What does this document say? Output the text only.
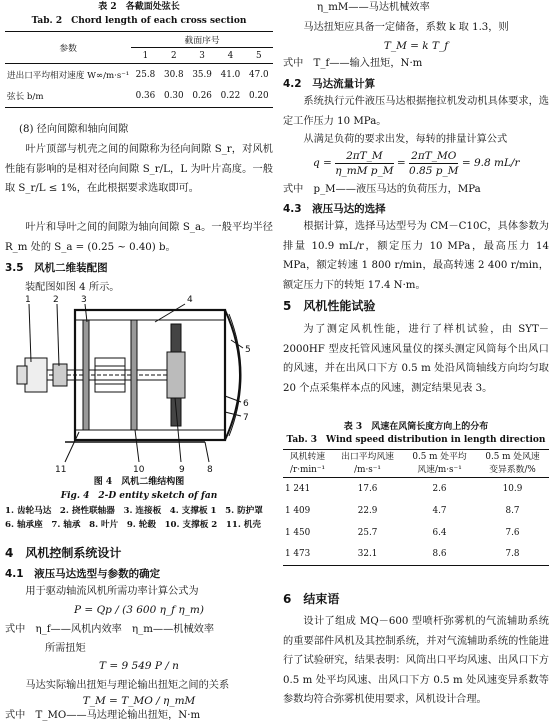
表 2　各截面处弦长
Tab. 2　Chord length of each cross section
参数	截面序号				
	1	2	3	4	5
进出口平均相对速度 W∞/m·s⁻¹	25.8	30.8	35.9	41.0	47.0
弦长 b/m	0.36	0.30	0.26	0.22	0.20
(8) 径向间隙和轴向间隙
叶片顶部与机壳之间的间隙称为径向间隙 S_r，对风机性能有影响的是相对径向间隙 S_r/L，L 为叶片高度。一般取 S_r/L ≤ 1%，在此根据要求选取即可。
叶片和导叶之间的间隙为轴向间隙 S_a。一般平均半径 R_m 处的 S_a = (0.25 ~ 0.40) b。
3.5　风机二维装配图
装配图如图 4 所示。
1 2 3	4
5
6
7
8
9
10
11
图 4　风机二维结构图
Fig. 4　2-D entity sketch of fan
1. 齿轮马达　2. 挠性联轴器　3. 连接板　4. 支撑板 1　5. 防护罩
6. 轴承座　7. 轴承　8. 叶片　9. 轮毂　10. 支撑板 2　11. 机壳
4　风机控制系统设计
4.1　液压马达选型与参数的确定
用于驱动轴流风机所需功率计算公式为
P = Qp / (3 600 η_f η_m)
式中　η_f——风机内效率　η_m——机械效率
所需扭矩
T = 9 549 P / n
马达实际输出扭矩与理论输出扭矩之间的关系
T_M = T_MO / η_mM
式中　T_MO——马达理论输出扭矩，N·m
η_mM——马达机械效率
马达扭矩应具备一定储备，系数 k 取 1.3，则
T_M = k T_f
式中　T_f——输入扭矩，N·m
4.2　马达流量计算
系统执行元件液压马达根据拖拉机发动机具体要求，选定工作压力 10 MPa。
从满足负荷的要求出发，每转的排量计算公式
$q = \frac{2\pi T\_M}{\text{η\_mM p\_M}} = \frac{2\pi T\_MO}{0.85 p\_M} = 9.8$ mL/r
式中　p_M——液压马达的负荷压力，MPa
4.3　液压马达的选择
根据计算，选择马达型号为 CM－C10C，具体参数为排量 10.9 mL/r，额定压力 10 MPa，最高压力 14 MPa，额定转速 1 800 r/min，最高转速 2 400 r/min，额定压力下的转矩 17.4 N·m。
5　风机性能试验
为了测定风机性能，进行了样机试验，由 SYT－2000HF 型皮托管风速风量仪的探头测定风筒每个出风口的风速，并在出风口下方 0.5 m 处沿风筒轴线方向均匀取 20 个点采集样本点的风速，测定结果见表 3。
表 3　风速在风筒长度方向上的分布
Tab. 3　Wind speed distribution in length direction
风机转速
/r·min⁻¹	出口平均风速
/m·s⁻¹	0.5 m 处平均
风速/m·s⁻¹	0.5 m 处风速
变异系数/%
1 241	17.6	2.6	10.9
1 409	22.9	4.7	8.7
1 450	25.7	6.4	7.6
1 473	32.1	8.6	7.8
6　结束语
设计了组成 MQ－600 型喷杆弥雾机的气流辅助系统的重要部件风机及其控制系统，并对气流辅助系统的性能进行了试验研究，结果表明：风筒出口平均风速、出风口下方 0.5 m 处平均风速、出风口下方 0.5 m 处风速变异系数等参数均符合弥雾机使用要求，风机设计合理。
